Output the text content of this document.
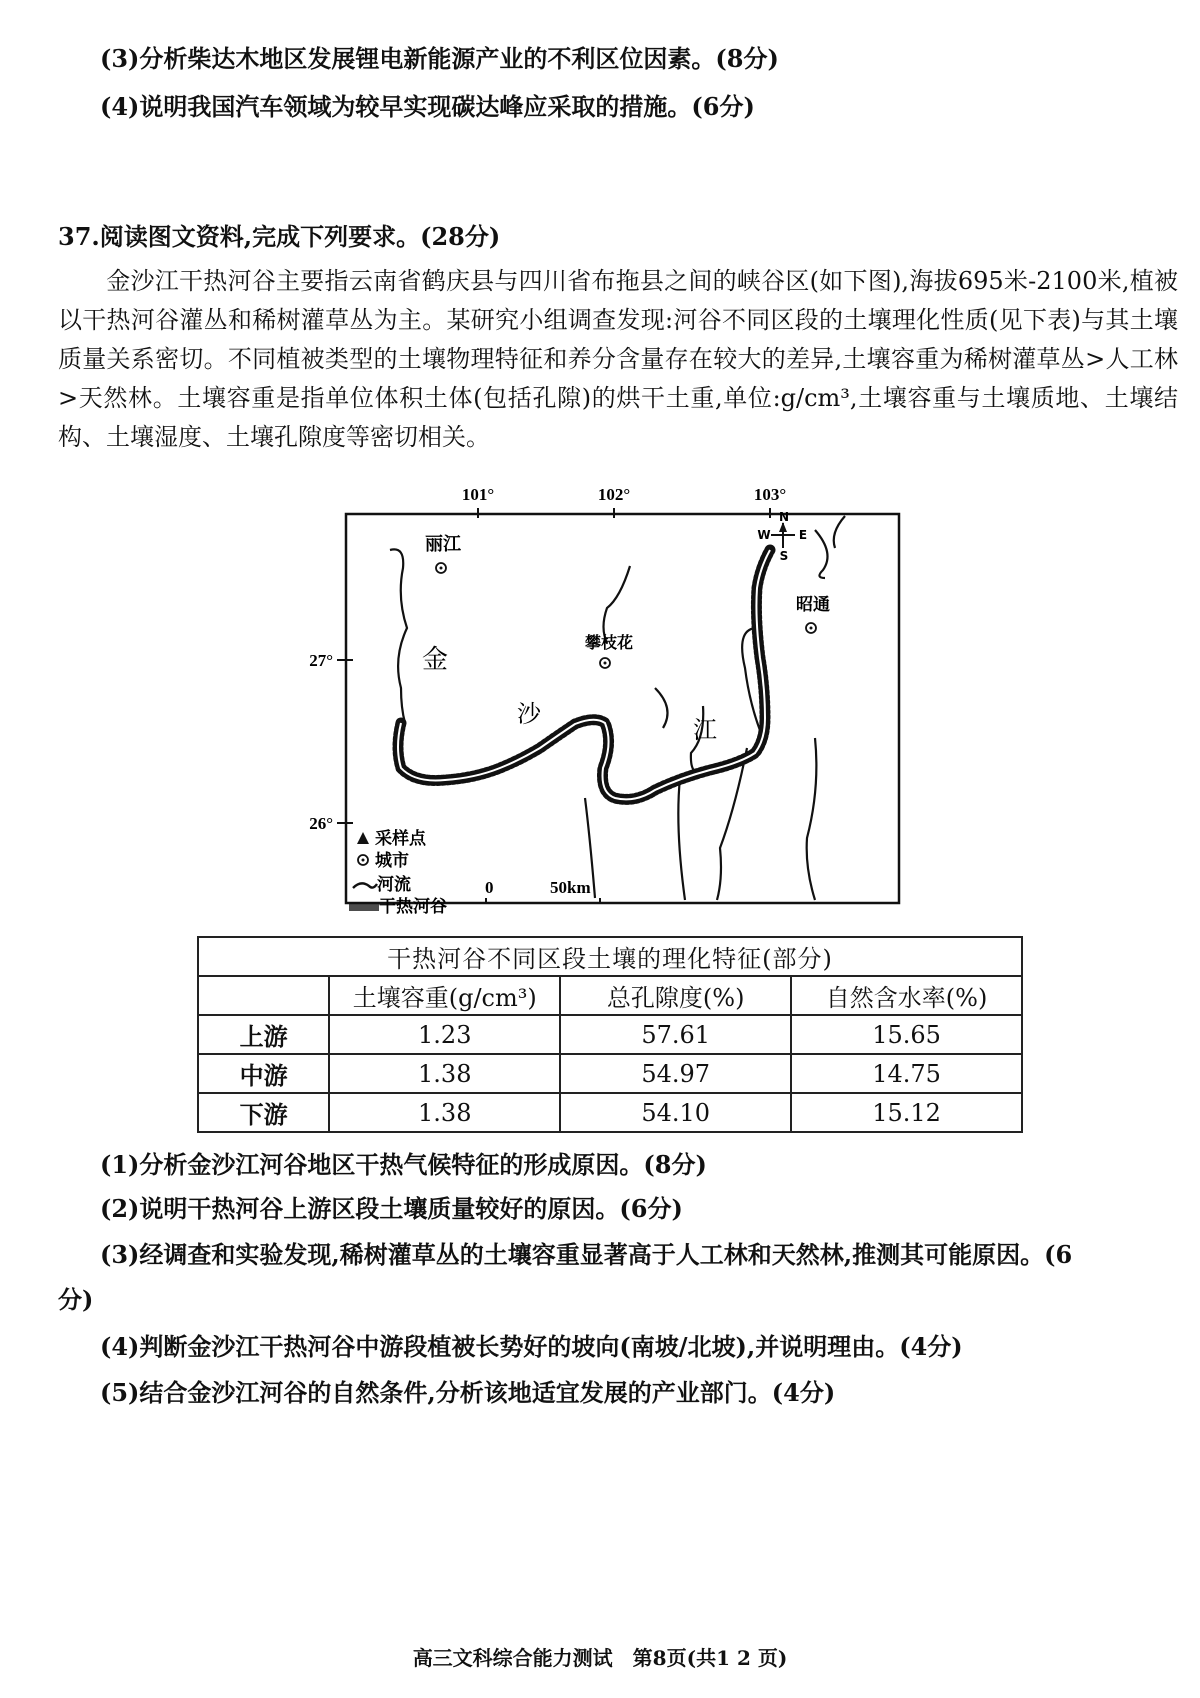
(3)分析柴达木地区发展锂电新能源产业的不利区位因素。(8分)
(4)说明我国汽车领域为较早实现碳达峰应采取的措施。(6分)
37.阅读图文资料,完成下列要求。(28分)
金沙江干热河谷主要指云南省鹤庆县与四川省布拖县之间的峡谷区(如下图),海拔695米-2100米,植被以干热河谷灌丛和稀树灌草丛为主。某研究小组调查发现:河谷不同区段的土壤理化性质(见下表)与其土壤质量关系密切。不同植被类型的土壤物理特征和养分含量存在较大的差异,土壤容重为稀树灌草丛>人工林>天然林。土壤容重是指单位体积土体(包括孔隙)的烘干土重,单位:g/cm³,土壤容重与土壤质地、土壤结构、土壤湿度、土壤孔隙度等密切相关。
101°	102°	103°
27°
26°
丽江
攀枝花
昭通
金
沙
江
N
S
W E
采样点
城市
河流
干热河谷
0	50km
干热河谷不同区段土壤的理化特征(部分)			
	土壤容重(g/cm³)	总孔隙度(%)	自然含水率(%)
上游	1.23	57.61	15.65
中游	1.38	54.97	14.75
下游	1.38	54.10	15.12
(1)分析金沙江河谷地区干热气候特征的形成原因。(8分)
(2)说明干热河谷上游区段土壤质量较好的原因。(6分)
(3)经调查和实验发现,稀树灌草丛的土壤容重显著高于人工林和天然林,推测其可能原因。(6
分)
(4)判断金沙江干热河谷中游段植被长势好的坡向(南坡/北坡),并说明理由。(4分)
(5)结合金沙江河谷的自然条件,分析该地适宜发展的产业部门。(4分)
高三文科综合能力测试　第8页(共1 2 页)
